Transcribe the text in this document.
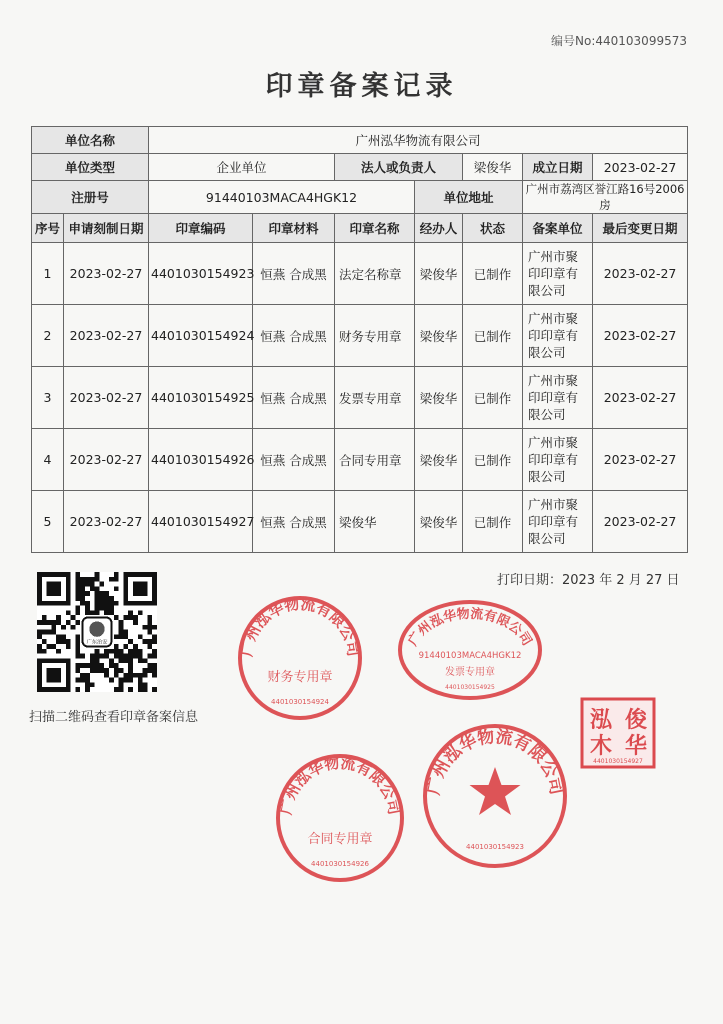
编号No:440103099573
印章备案记录
单位名称		广州泓华物流有限公司						
单位类型		企业单位		法人或负责人		梁俊华	成立日期	2023-02-27
注册号		91440103MACA4HGK12			单位地址		广州市荔湾区誉江路16号2006房	
序号	申请刻制日期	印章编码	印章材料	印章名称	经办人	状态	备案单位	最后变更日期
1	2023-02-27	4401030154923	恒燕 合成黑	法定名称章	梁俊华	已制作	广州市聚
印印章有
限公司	2023-02-27
2	2023-02-27	4401030154924	恒燕 合成黑	财务专用章	梁俊华	已制作	广州市聚
印印章有
限公司	2023-02-27
3	2023-02-27	4401030154925	恒燕 合成黑	发票专用章	梁俊华	已制作	广州市聚
印印章有
限公司	2023-02-27
4	2023-02-27	4401030154926	恒燕 合成黑	合同专用章	梁俊华	已制作	广州市聚
印印章有
限公司	2023-02-27
5	2023-02-27	4401030154927	恒燕 合成黑	梁俊华	梁俊华	已制作	广州市聚
印印章有
限公司	2023-02-27
打印日期：2023 年 2 月 27 日
广东治安
扫描二维码查看印章备案信息
广州泓华物流有限公司
财务专用章
4401030154924
广州泓华物流有限公司
91440103MACA4HGK12
发票专用章
4401030154925
广州泓华物流有限公司
合同专用章
4401030154926
广州泓华物流有限公司
4401030154923
俊
泓
华
木
4401030154927
